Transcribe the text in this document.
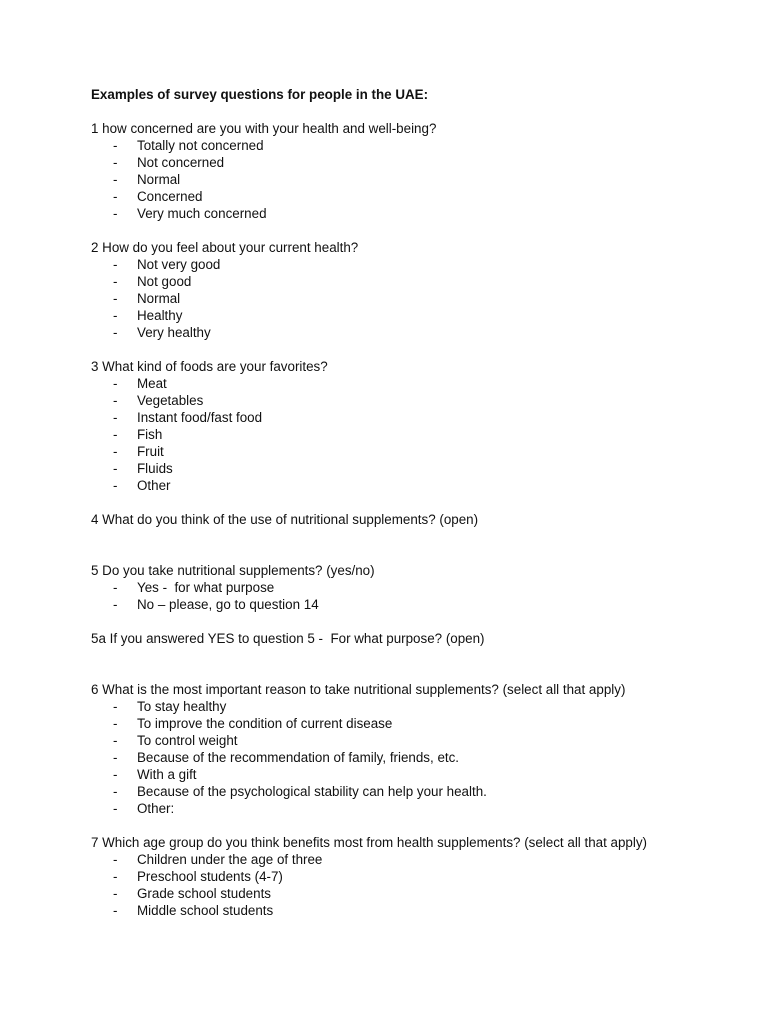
Examples of survey questions for people in the UAE:

1 how concerned are you with your health and well-being?

- Totally not concerned
- Not concerned
- Normal
- Concerned
- Very much concerned

2 How do you feel about your current health?

- Not very good
- Not good
- Normal
- Healthy
- Very healthy

3 What kind of foods are your favorites?

- Meat
- Vegetables
- Instant food/fast food
- Fish
- Fruit
- Fluids
- Other

4 What do you think of the use of nutritional supplements? (open)

5 Do you take nutritional supplements? (yes/no)

- Yes -  for what purpose
- No – please, go to question 14

5a If you answered YES to question 5 -  For what purpose? (open)

6 What is the most important reason to take nutritional supplements? (select all that apply)

- To stay healthy
- To improve the condition of current disease
- To control weight
- Because of the recommendation of family, friends, etc.
- With a gift
- Because of the psychological stability can help your health.
- Other:

7 Which age group do you think benefits most from health supplements? (select all that apply)

- Children under the age of three
- Preschool students (4-7)
- Grade school students
- Middle school students
